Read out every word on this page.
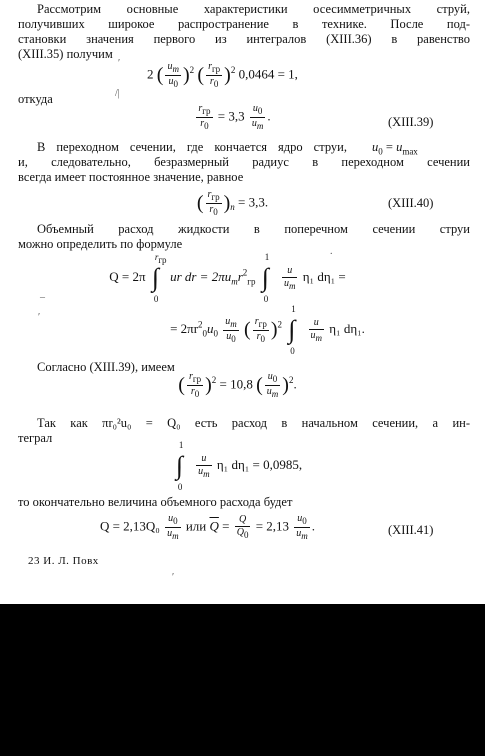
Рассмотрим основные характеристики осесимметричных струй,
получивших широкое распространение в технике. После под-
становки значения первого из интегралов (XIII.36) в равенство
(XIII.35) получим
2 ( $\frac{u_m}{u_0} )^2$ ( $\frac{r_{гр}}{r_0} )^2$ 0,0464 = 1,
откуда	/|
′
$\frac{r_{гр}}{r_0} = 3,3 \frac{u_0}{u_m}$ .	(XIII.39)
В переходном сечении, где кончается ядро струи, $u_0 = u_{max}$
и, следовательно, безразмерный радиус в переходном сечении
всегда имеет постоянное значение, равное
( $\frac{r_{гр}}{r_0} )_n = 3,3$.	(XIII.40)
Объемный расход жидкости в поперечном сечении струи
можно определить по формуле
.
Q = 2π
$r_{гр}$
∫
0
ur dr = $2\pi u_mr^2_{гр}$
1
∫
0

$\frac{u}{u_m} \eta_1$ dη₁ =
–
′
= $2\pi r^2_0u_0 \frac{u_m}{u_0}$ ( $\frac{r_{гр}}{r_0} )^2$
1
∫
0

$\frac{u}{u_m} \eta_1$ dη₁.
Согласно (XIII.39), имеем
( $\frac{r_{гр}}{r_0} )^2 = 10,8$ ( $\frac{u_0}{u_m} )^2$.
Так как πr₀²u₀ = Q₀ есть расход в начальном сечении, а ин-
теграл	1
∫
0

$\frac{u}{u_m} \eta_1$ dη₁ = 0,0985,
то окончательно величина объемного расхода будет
$Q = 2,13Q_0 \frac{u_0}{u_m}$ или $\overline{Q} = \frac{Q}{Q_0} = 2,13 \frac{u_0}{u_m}$ .	(XIII.41)
23 И. Л. Повх
′
